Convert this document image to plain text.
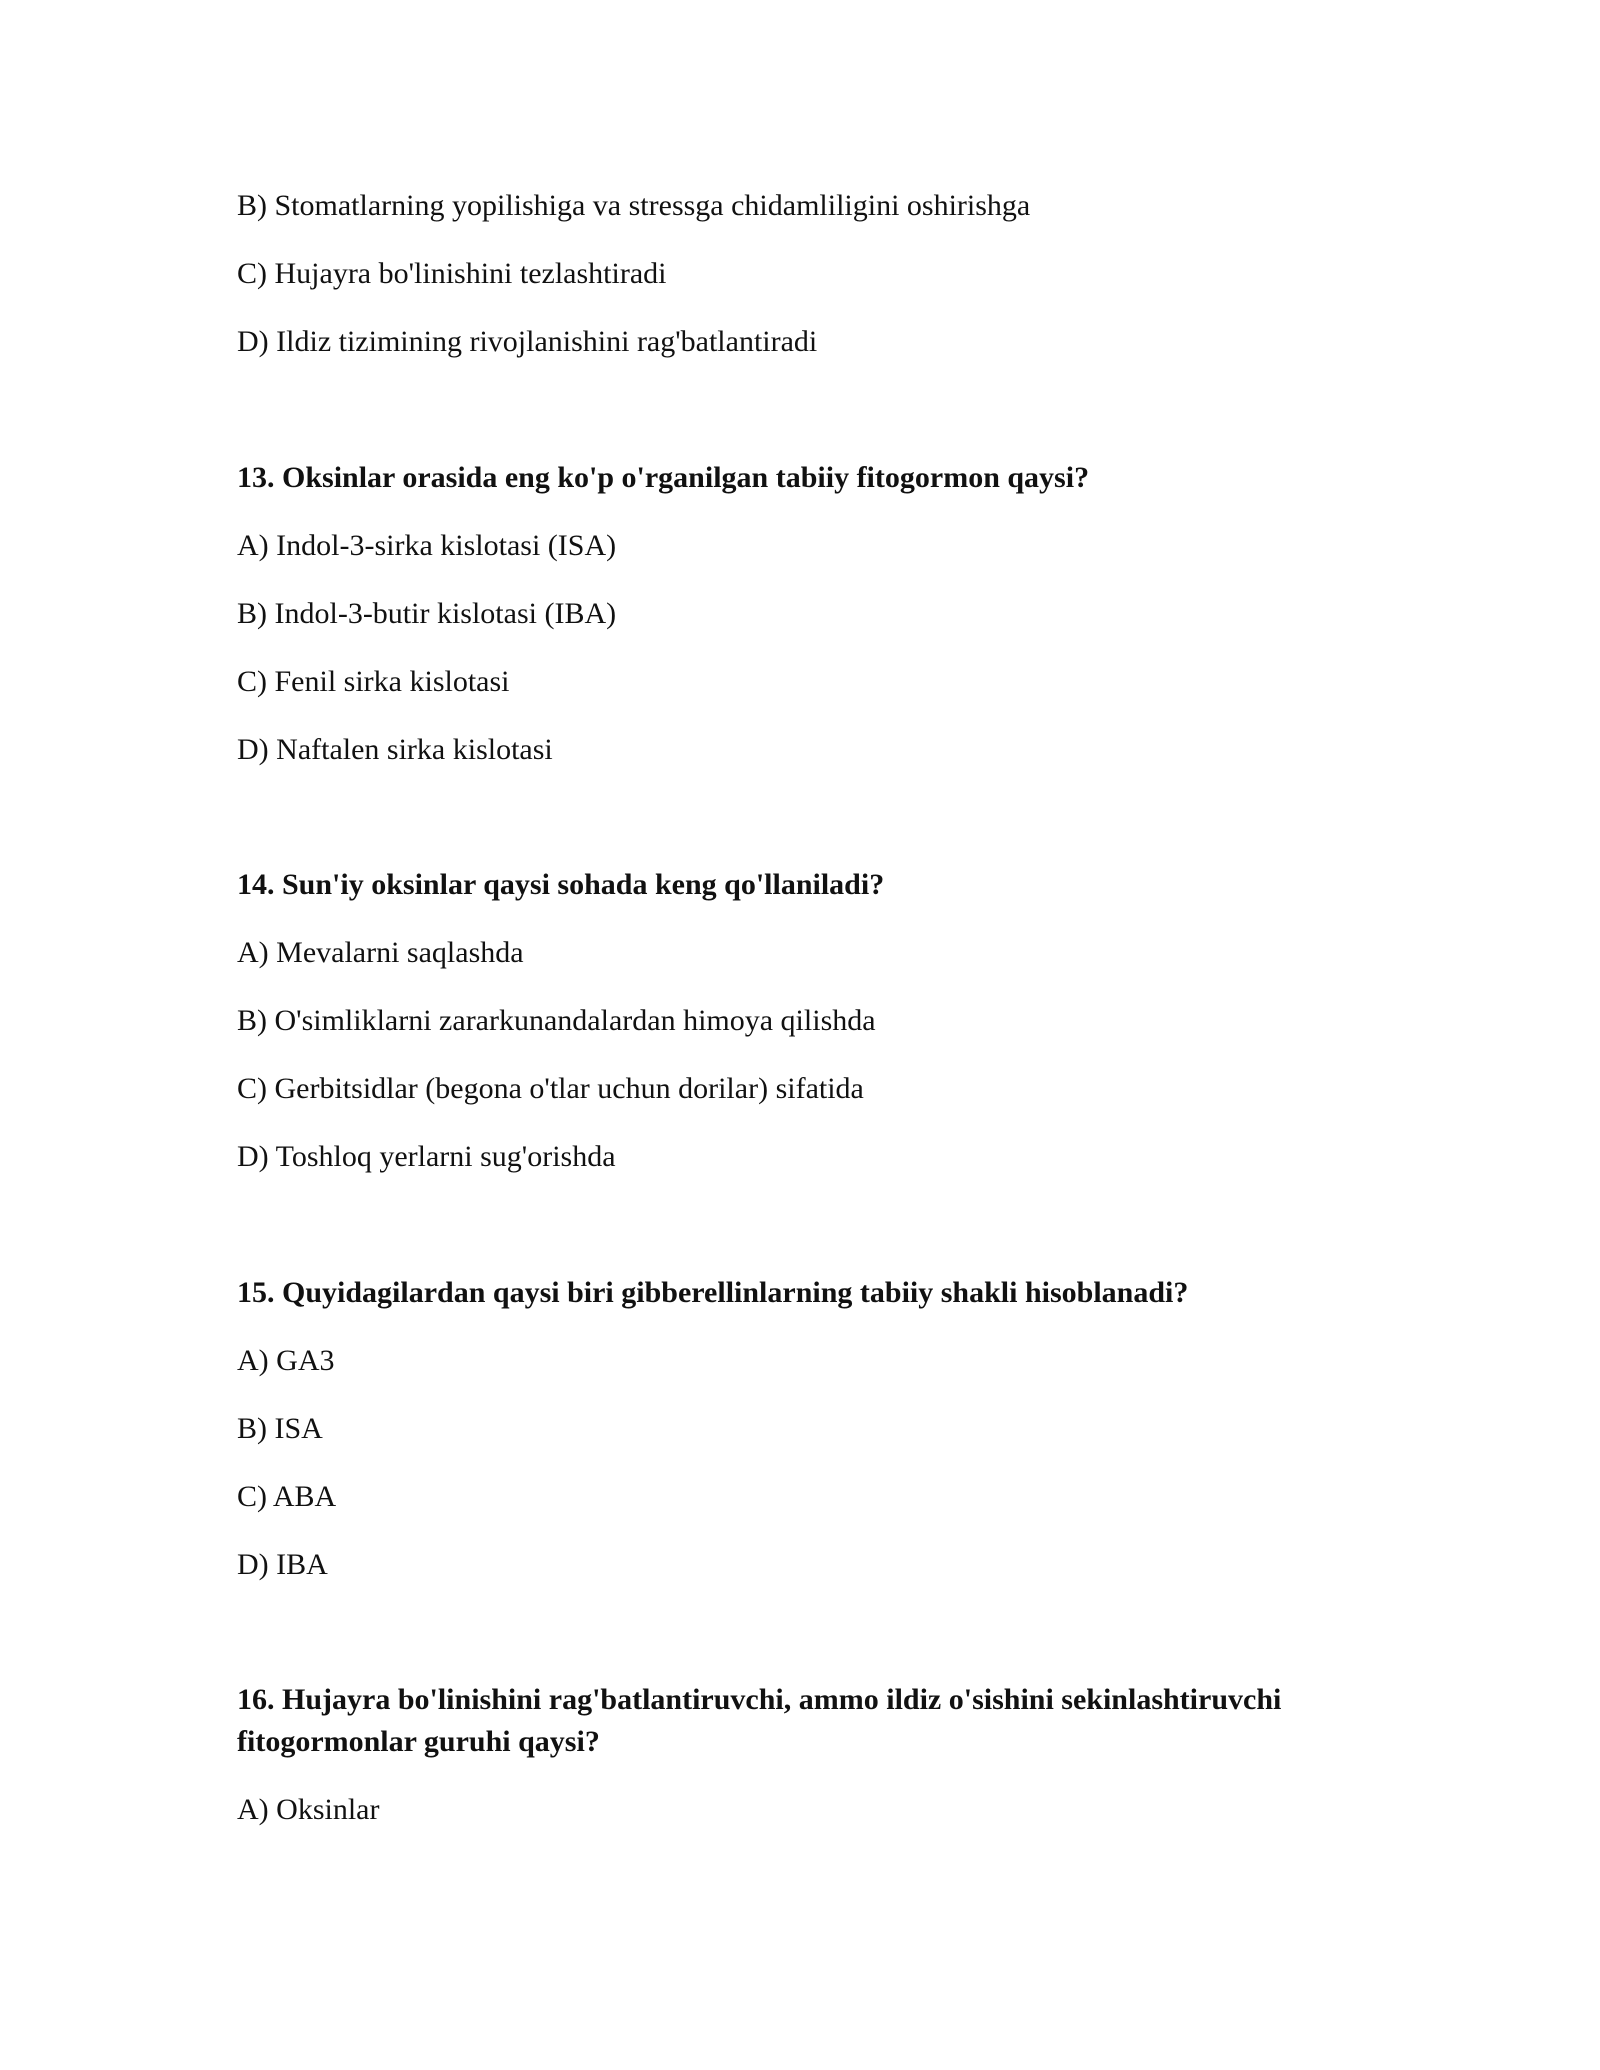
B) Stomatlarning yopilishiga va stressga chidamliligini oshirishga
C) Hujayra bo'linishini tezlashtiradi
D) Ildiz tizimining rivojlanishini rag'batlantiradi
13. Oksinlar orasida eng ko'p o'rganilgan tabiiy fitogormon qaysi?
A) Indol-3-sirka kislotasi (ISA)
B) Indol-3-butir kislotasi (IBA)
C) Fenil sirka kislotasi
D) Naftalen sirka kislotasi
14. Sun'iy oksinlar qaysi sohada keng qo'llaniladi?
A) Mevalarni saqlashda
B) O'simliklarni zararkunandalardan himoya qilishda
C) Gerbitsidlar (begona o'tlar uchun dorilar) sifatida
D) Toshloq yerlarni sug'orishda
15. Quyidagilardan qaysi biri gibberellinlarning tabiiy shakli hisoblanadi?
A) GA3
B) ISA
C) ABA
D) IBA
16. Hujayra bo'linishini rag'batlantiruvchi, ammo ildiz o'sishini sekinlashtiruvchi fitogormonlar guruhi qaysi?
A) Oksinlar
